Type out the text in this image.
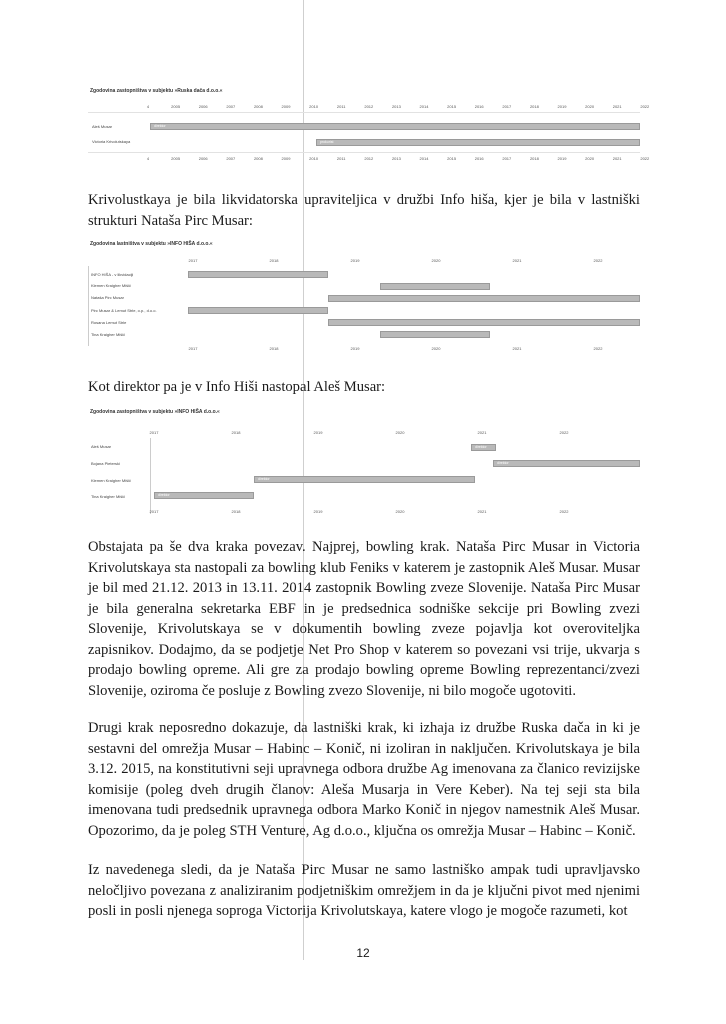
Zgodovina zastopništva v subjektu »Ruska dača d.o.o.«
4	2005	2006	2007	2008	2009	2010	2011	2012	2013	2014	2015	2016	2017	2018	2019	2020	2021	2022
Aleš Musar	direktor
Victoria Krivolutskaya	prokurist
4	2005	2006	2007	2008	2009	2010	2011	2012	2013	2014	2015	2016	2017	2018	2019	2020	2021	2022

Krivolustkaya je bila likvidatorska upraviteljica v družbi Info hiša, kjer je bila v lastniški strukturi Nataša Pirc Musar:

Zgodovina lastništva v subjektu »INFO HIŠA d.o.o.«
2017	2018	2019	2020	2021	2022
INFO HIŠA - v likvidaciji
Klemen Kraigher Mišič
Nataša Pirc Musar
Pirc Musar & Lemut Strle, o.p., d.o.o.
Rosana Lemut Strle
Tina Kraigher Mišič
2017	2018	2019	2020	2021	2022

Kot direktor pa je v Info Hiši nastopal Aleš Musar:

Zgodovina zastopništva v subjektu »INFO HIŠA d.o.o.«
2017	2018	2019	2020	2021	2022
Aleš Musar	direktor
Bojana Pieterski	direktor
Klemen Kraigher Mišič	direktor
Tina Kraigher Mišič	direktor
2017	2018	2019	2020	2021	2022

Obstajata pa še dva kraka povezav. Najprej, bowling krak. Nataša Pirc Musar in Victoria Krivolutskaya sta nastopali za bowling klub Feniks v katerem je zastopnik Aleš Musar. Musar je bil med 21.12. 2013 in 13.11. 2014 zastopnik Bowling zveze Slovenije. Nataša Pirc Musar je bila generalna sekretarka EBF in je predsednica sodniške sekcije pri Bowling zvezi Slovenije, Krivolutskaya se v dokumentih bowling zveze pojavlja kot overoviteljka zapisnikov. Dodajmo, da se podjetje Net Pro Shop v katerem so povezani vsi trije, ukvarja s prodajo bowling opreme. Ali gre za prodajo bowling opreme Bowling reprezentanci/zvezi Slovenije, oziroma če posluje z Bowling zvezo Slovenije, ni bilo mogoče ugotoviti.

Drugi krak neposredno dokazuje, da lastniški krak, ki izhaja iz družbe Ruska dača in ki je sestavni del omrežja Musar – Habinc – Konič, ni izoliran in naključen. Krivolutskaya je bila 3.12. 2015, na konstitutivni seji upravnega odbora družbe Ag imenovana za članico revizijske komisije (poleg dveh drugih članov: Aleša Musarja in Vere Keber). Na tej seji sta bila imenovana tudi predsednik upravnega odbora Marko Konič in njegov namestnik Aleš Musar. Opozorimo, da je poleg STH Venture, Ag d.o.o., ključna os omrežja Musar – Habinc – Konič.

Iz navedenega sledi, da je Nataša Pirc Musar ne samo lastniško ampak tudi upravljavsko neločljivo povezana z analiziranim podjetniškim omrežjem in da je ključni pivot med njenimi posli in posli njenega soproga Victorija Krivolutskaya, katere vlogo je mogoče razumeti, kot

12
